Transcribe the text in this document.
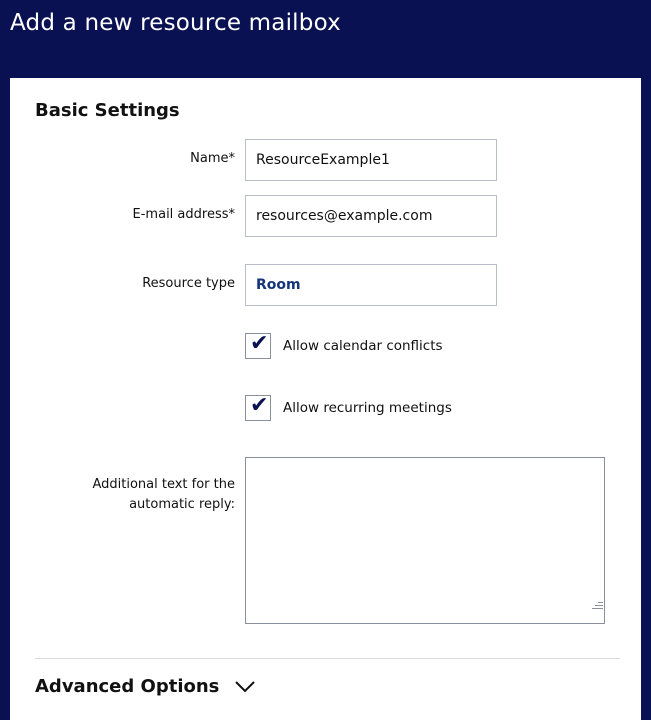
Add a new resource mailbox
Basic Settings
Name*
ResourceExample1
E-mail address*
resources@example.com
Resource type	Room
✔ Allow calendar conflicts
✔ Allow recurring meetings
Additional text for the
automatic reply:
Advanced Options
